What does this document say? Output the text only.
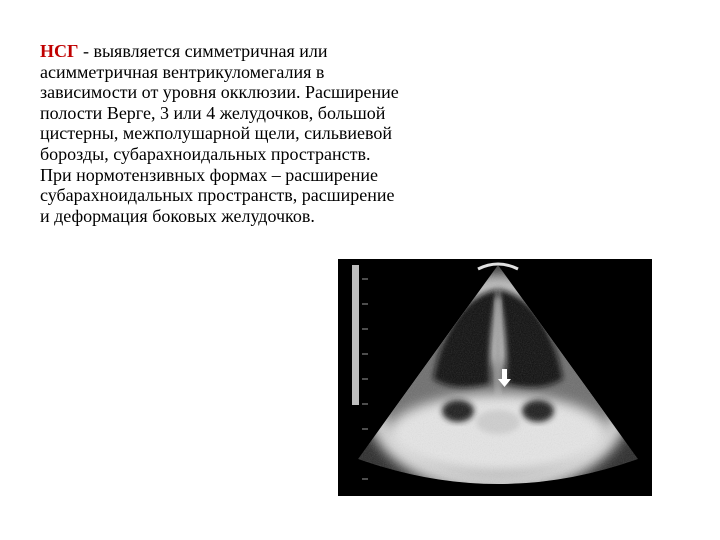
НСГ - выявляется симметричная или
асимметричная вентрикуломегалия в
зависимости от уровня окклюзии. Расширение
полости Верге, 3 или 4 желудочков, большой
цистерны, межполушарной щели, сильвиевой
борозды, субарахноидальных пространств.
При нормотензивных формах – расширение
субарахноидальных пространств, расширение
и деформация боковых желудочков.
